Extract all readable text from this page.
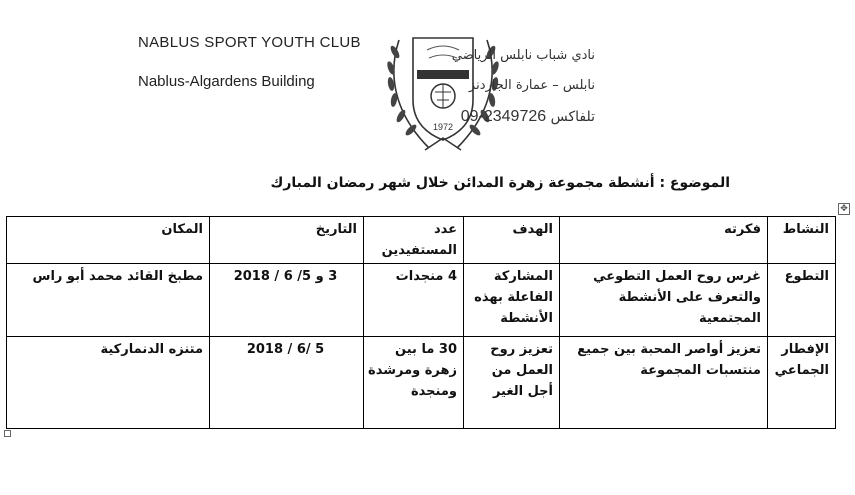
NABLUS SPORT YOUTH CLUB
Nablus-Algardens Building
1972
نادي شباب نابلس الرياضي
نابلس – عمارة الجاردنز
تلفاكس 09-2349726
الموضوع : أنشطة مجموعة زهرة المدائن خلال شهر رمضان المبارك
✥
النشاط	فكرته	الهدف	عدد المستفيدين	التاريخ	المكان
التطوع	غرس روح العمل التطوعي والتعرف على الأنشطة المجتمعية	المشاركة الفاعلة بهذه الأنشطة	4 منجدات	3 و 5/ 6 / 2018	مطبخ القائد محمد أبو راس
الإفطار الجماعي	تعزيز أواصر المحبة بين جميع منتسبات المجموعة	تعزيز روح العمل من أجل الغير	30 ما بين زهرة ومرشدة ومنجدة	5 /6 / 2018	متنزه الدنماركية
